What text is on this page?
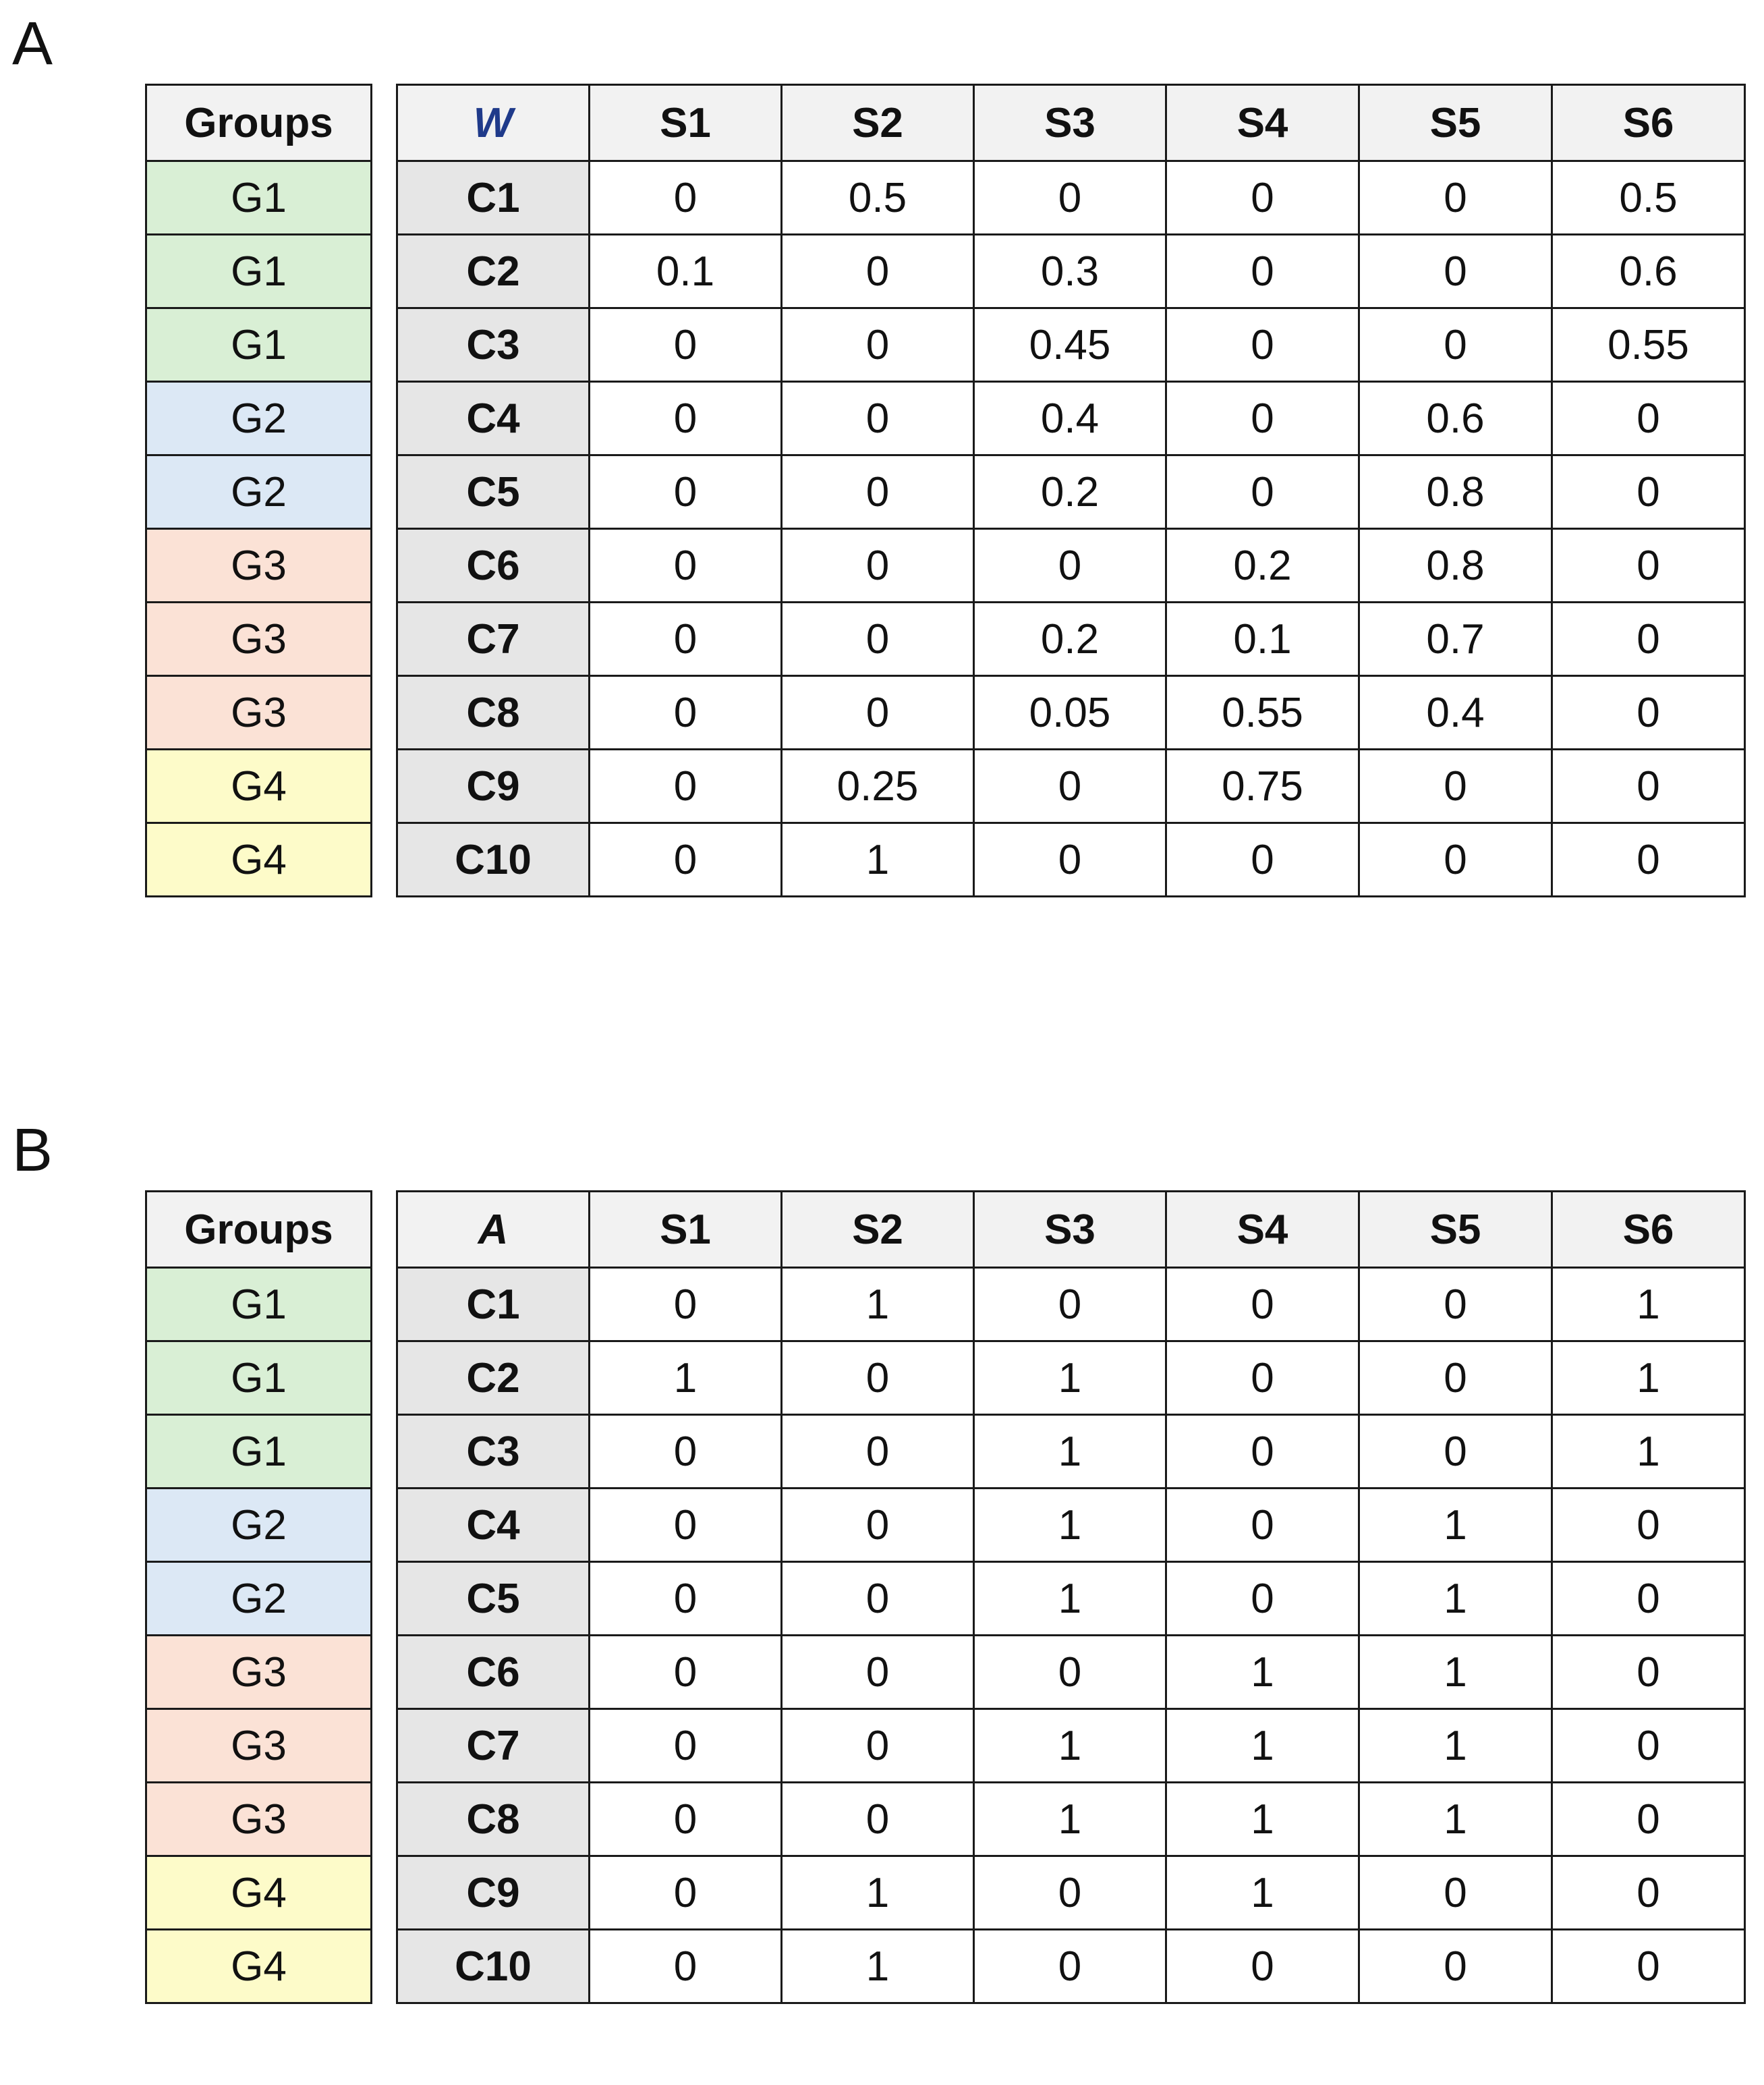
A
Groups
G1
G1
G1
G2
G2
G3
G3
G3
G4
G4
W	S1	S2	S3	S4	S5	S6
C1	0	0.5	0	0	0	0.5
C2	0.1	0	0.3	0	0	0.6
C3	0	0	0.45	0	0	0.55
C4	0	0	0.4	0	0.6	0
C5	0	0	0.2	0	0.8	0
C6	0	0	0	0.2	0.8	0
C7	0	0	0.2	0.1	0.7	0
C8	0	0	0.05	0.55	0.4	0
C9	0	0.25	0	0.75	0	0
C10	0	1	0	0	0	0
B
Groups
G1
G1
G1
G2
G2
G3
G3
G3
G4
G4
A	S1	S2	S3	S4	S5	S6
C1	0	1	0	0	0	1
C2	1	0	1	0	0	1
C3	0	0	1	0	0	1
C4	0	0	1	0	1	0
C5	0	0	1	0	1	0
C6	0	0	0	1	1	0
C7	0	0	1	1	1	0
C8	0	0	1	1	1	0
C9	0	1	0	1	0	0
C10	0	1	0	0	0	0
